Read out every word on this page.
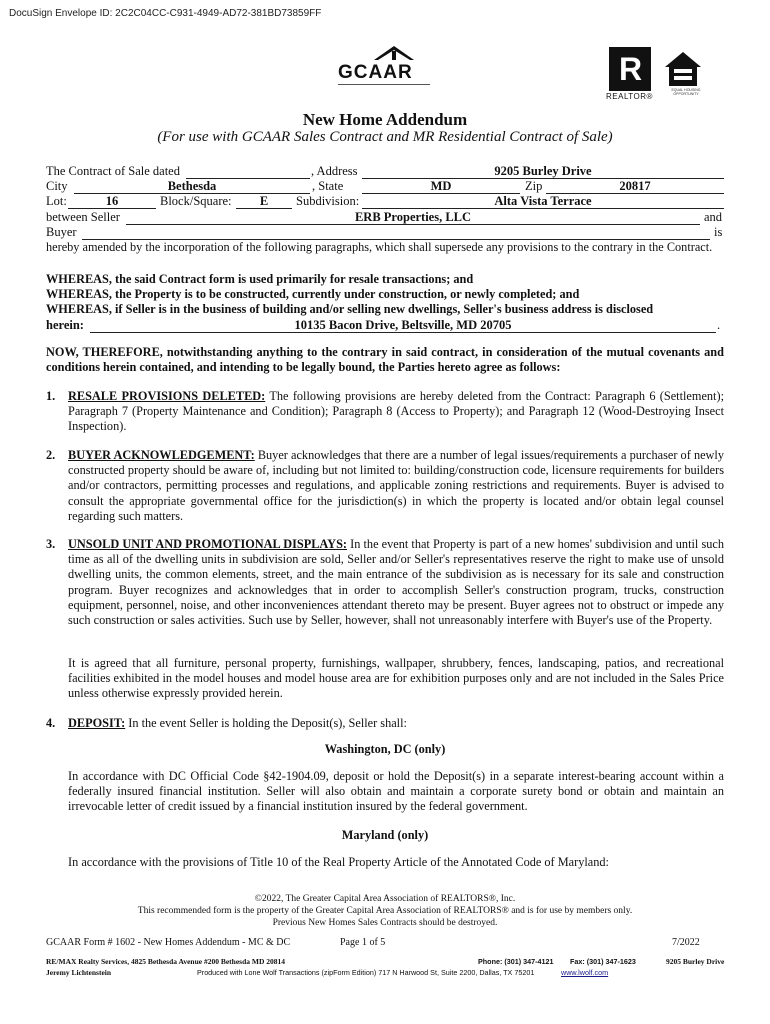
DocuSign Envelope ID: 2C2C04CC-C931-4949-AD72-381BD73859FF
GCAAR	R
REALTOR®
EQUAL HOUSING OPPORTUNITY
New Home Addendum
(For use with GCAAR Sales Contract and MR Residential Contract of Sale)
The Contract of Sale dated	, Address	9205 Burley Drive
City	Bethesda	, State	MD	Zip	20817
Lot:	16	Block/Square:	E	Subdivision:	Alta Vista Terrace
between Seller	ERB Properties, LLC	and
Buyer	is
hereby amended by the incorporation of the following paragraphs, which shall supersede any provisions to the contrary in the Contract.
WHEREAS, the said Contract form is used primarily for resale transactions; and
WHEREAS, the Property is to be constructed, currently under construction, or newly completed; and
WHEREAS, if Seller is in the business of building and/or selling new dwellings, Seller's business address is disclosed
herein:	10135 Bacon Drive, Beltsville, MD 20705	.
NOW, THEREFORE, notwithstanding anything to the contrary in said contract, in consideration of the mutual covenants and conditions herein contained, and intending to be legally bound, the Parties hereto agree as follows:
1. RESALE PROVISIONS DELETED: The following provisions are hereby deleted from the Contract: Paragraph 6 (Settlement); Paragraph 7 (Property Maintenance and Condition); Paragraph 8 (Access to Property); and Paragraph 12 (Wood-Destroying Insect Inspection).
2. BUYER ACKNOWLEDGEMENT: Buyer acknowledges that there are a number of legal issues/requirements a purchaser of newly constructed property should be aware of, including but not limited to: building/construction code, licensure requirements for builders and/or contractors, permitting processes and regulations, and applicable zoning restrictions and requirements. Buyer is advised to consult the appropriate governmental office for the jurisdiction(s) in which the property is located and/or obtain legal counsel regarding such matters.
3. UNSOLD UNIT AND PROMOTIONAL DISPLAYS: In the event that Property is part of a new homes' subdivision and until such time as all of the dwelling units in subdivision are sold, Seller and/or Seller's representatives reserve the right to make use of unsold dwelling units, the common elements, street, and the main entrance of the subdivision as is necessary for its sale and construction program. Buyer recognizes and acknowledges that in order to accomplish Seller's construction program, trucks, construction equipment, personnel, noise, and other inconveniences attendant thereto may be present. Buyer agrees not to obstruct or impede any such construction or sales activities. Such use by Seller, however, shall not unreasonably interfere with Buyer's use of the Property.
It is agreed that all furniture, personal property, furnishings, wallpaper, shrubbery, fences, landscaping, patios, and recreational facilities exhibited in the model houses and model house area are for exhibition purposes only and are not included in the Sales Price unless otherwise expressly provided herein.
4. DEPOSIT: In the event Seller is holding the Deposit(s), Seller shall:
Washington, DC (only)
In accordance with DC Official Code §42-1904.09, deposit or hold the Deposit(s) in a separate interest-bearing account within a federally insured financial institution. Seller will also obtain and maintain a corporate surety bond or obtain and maintain an irrevocable letter of credit issued by a financial institution insured by the federal government.
Maryland (only)
In accordance with the provisions of Title 10 of the Real Property Article of the Annotated Code of Maryland:
©2022, The Greater Capital Area Association of REALTORS®, Inc.
This recommended form is the property of the Greater Capital Area Association of REALTORS® and is for use by members only.
Previous New Homes Sales Contracts should be destroyed.
GCAAR Form # 1602 - New Homes Addendum - MC & DC	Page 1 of 5	7/2022
RE/MAX Realty Services, 4825 Bethesda Avenue #200 Bethesda MD 20814	Phone: (301) 347-4121 Fax: (301) 347-1623	9205 Burley Drive
Jeremy Lichtenstein	Produced with Lone Wolf Transactions (zipForm Edition) 717 N Harwood St, Suite 2200, Dallas, TX 75201	www.lwolf.com
